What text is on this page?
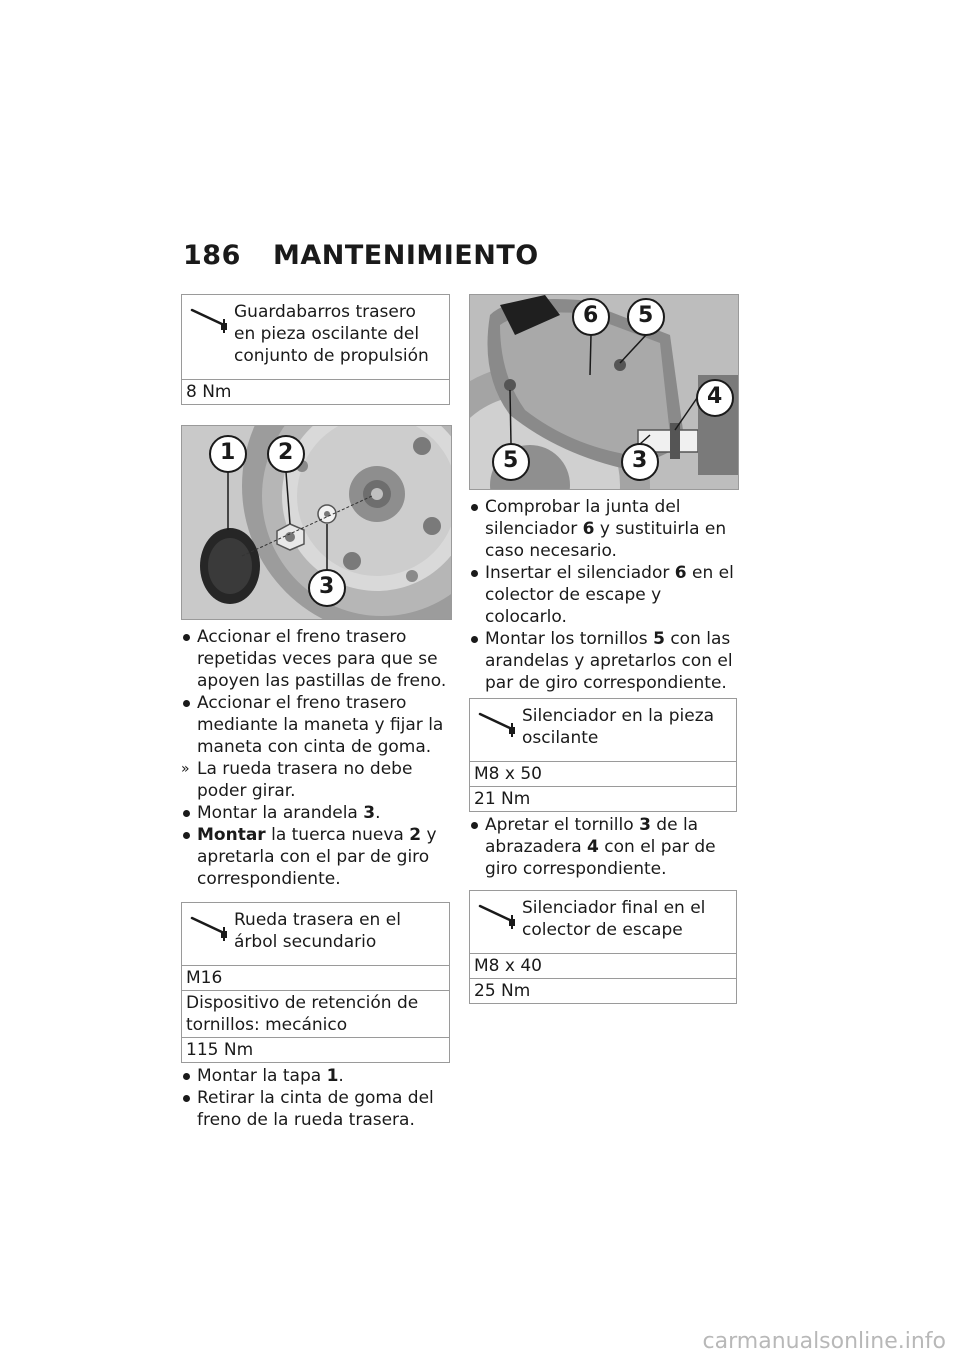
186 MANTENIMIENTO
Guardabarros trasero en pieza oscilante del conjunto de propulsión
8 Nm
1 2
3
Accionar el freno trasero repetidas veces para que se apoyen las pastillas de freno.
Accionar el freno trasero mediante la maneta y fijar la maneta con cinta de goma.
» La rueda trasera no debe poder girar.
Montar la arandela 3.
Montar la tuerca nueva 2 y apretarla con el par de giro correspondiente.
Rueda trasera en el árbol secundario
M16
Dispositivo de retención de tornillos: mecánico
115 Nm
Montar la tapa 1.
Retirar la cinta de goma del freno de la rueda trasera.
6 5
4
5	3
Comprobar la junta del silenciador 6 y sustituirla en caso necesario.
Insertar el silenciador 6 en el colector de escape y colocarlo.
Montar los tornillos 5 con las arandelas y apretarlos con el par de giro correspondiente.
Silenciador en la pieza oscilante
M8 x 50
21 Nm
Apretar el tornillo 3 de la abrazadera 4 con el par de giro correspondiente.
Silenciador final en el colector de escape
M8 x 40
25 Nm
carmanualsonline.info
